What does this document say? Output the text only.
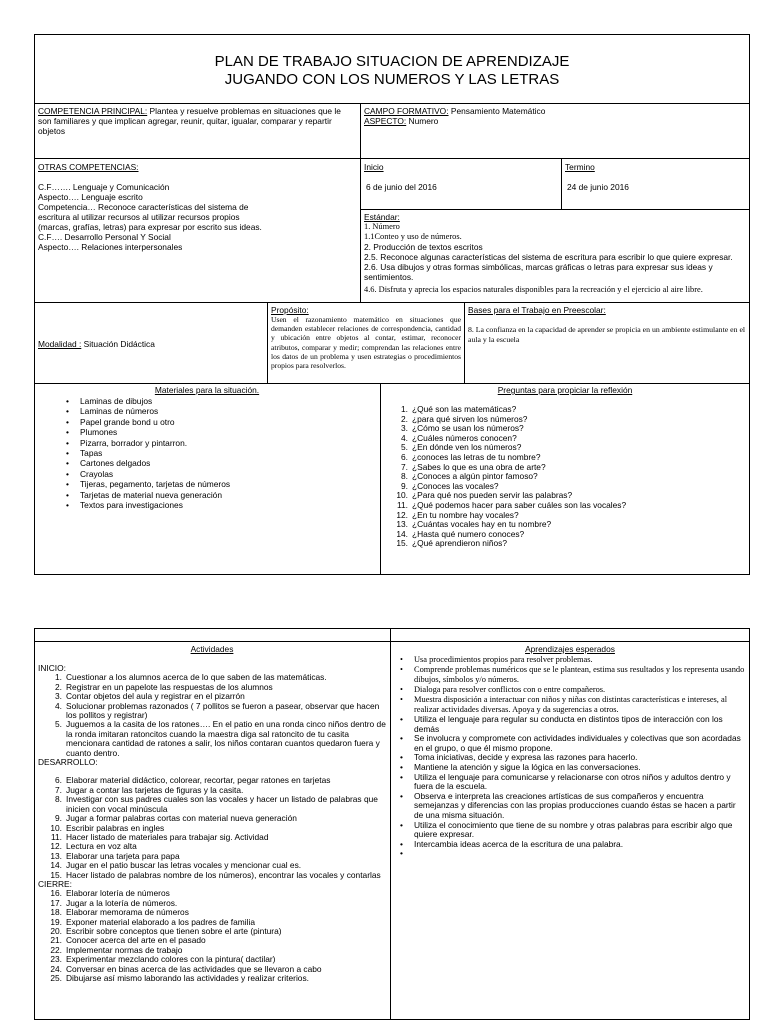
PLAN DE TRABAJO SITUACION DE APRENDIZAJE
JUGANDO CON LOS NUMEROS Y LAS LETRAS
COMPETENCIA PRINCIPAL: Plantea y resuelve problemas en situaciones que le son familiares y que implican agregar, reunir, quitar, igualar, comparar y repartir objetos
CAMPO FORMATIVO: Pensamiento Matemático
ASPECTO: Numero
OTRAS COMPETENCIAS:
C.F……. Lenguaje y Comunicación
Aspecto…. Lenguaje escrito
Competencia… Reconoce características del sistema de escritura al utilizar recursos al utilizar recursos propios (marcas, grafías, letras) para expresar por escrito sus ideas.
C.F…. Desarrollo Personal Y Social
Aspecto…. Relaciones interpersonales
Inicio
6 de junio del 2016
Termino
24 de junio 2016
Estándar:
1. Número
1.1Conteo y uso de números.
2. Producción de textos escritos
2.5. Reconoce algunas características del sistema de escritura para escribir lo que quiere expresar.
2.6. Usa dibujos y otras formas simbólicas, marcas gráficas o letras para expresar sus ideas y sentimientos.
4.6. Disfruta y aprecia los espacios naturales disponibles para la recreación y el ejercicio al aire libre.
Modalidad : Situación Didáctica
Propósito:
Usen el razonamiento matemático en situaciones que demanden establecer relaciones de correspondencia, cantidad y ubicación entre objetos al contar, estimar, reconocer atributos, comparar y medir; comprendan las relaciones entre los datos de un problema y usen estrategias o procedimientos propios para resolverlos.
Bases para el Trabajo en Preescolar:
8. La confianza en la capacidad de aprender se propicia en un ambiente estimulante en el aula y la escuela
Materiales para la situación.
• Laminas de dibujos
• Laminas de números
• Papel grande bond u otro
• Plumones
• Pizarra, borrador y pintarron.
• Tapas
• Cartones delgados
• Crayolas
• Tijeras, pegamento, tarjetas de números
• Tarjetas de material nueva generación
• Textos para investigaciones
Preguntas para propiciar la reflexión
1. ¿Qué son las matemáticas?
2. ¿para qué sirven los números?
3. ¿Cómo se usan los números?
4. ¿Cuáles números conocen?
5. ¿En dónde ven los números?
6. ¿conoces las letras de tu nombre?
7. ¿Sabes lo que es una obra de arte?
8. ¿Conoces a algún pintor famoso?
9. ¿Conoces las vocales?
10. ¿Para qué nos pueden servir las palabras?
11. ¿Qué podemos hacer para saber cuáles son las vocales?
12. ¿En tu nombre hay vocales?
13. ¿Cuántas vocales hay en tu nombre?
14. ¿Hasta qué numero conoces?
15. ¿Qué aprendieron niños?
Actividades
INICIO:
1. Cuestionar a los alumnos acerca de lo que saben de las matemáticas.
2. Registrar en un papelote las respuestas de los alumnos
3. Contar objetos del aula y registrar en el pizarrón
4. Solucionar problemas razonados ( 7 pollitos se fueron a pasear, observar que hacen los pollitos y registrar)
5. Juguemos a la casita de los ratones…. En el patio en una ronda cinco niños dentro de la ronda imitaran ratoncitos cuando la maestra diga sal ratoncito de tu casita mencionara cantidad de ratones a salir, los niños contaran cuantos quedaron fuera y cuanto dentro.
DESARROLLO:
6. Elaborar material didáctico, colorear, recortar, pegar ratones en tarjetas
7. Jugar a contar las tarjetas de figuras y la casita.
8. Investigar con sus padres cuales son las vocales y hacer un listado de palabras que inicien con vocal minúscula
9. Jugar a formar palabras cortas con material nueva generación
10. Escribir palabras en ingles
11. Hacer listado de materiales para trabajar sig. Actividad
12. Lectura en voz alta
13. Elaborar una tarjeta para papa
14. Jugar en el patio buscar las letras vocales y mencionar cual es.
15. Hacer listado de palabras nombre de los números), encontrar las vocales y contarlas
CIERRE:
16. Elaborar lotería de números
17. Jugar a la lotería de números.
18. Elaborar memorama de números
19. Exponer material elaborado a los padres de familia
20. Escribir sobre conceptos que tienen sobre el arte (pintura)
21. Conocer acerca del arte en el pasado
22. Implementar normas de trabajo
23. Experimentar mezclando colores con la pintura( dactilar)
24. Conversar en binas acerca de las actividades que se llevaron a cabo
25. Dibujarse así mismo laborando las actividades y realizar criterios.
Aprendizajes esperados
• Usa procedimientos propios para resolver problemas.
• Comprende problemas numéricos que se le plantean, estima sus resultados y los representa usando dibujos, símbolos y/o números.
• Dialoga para resolver conflictos con o entre compañeros.
• Muestra disposición a interactuar con niños y niñas con distintas características e intereses, al realizar actividades diversas. Apoya y da sugerencias a otros.
• Utiliza el lenguaje para regular su conducta en distintos tipos de interacción con los demás
• Se involucra y compromete con actividades individuales y colectivas que son acordadas en el grupo, o que él mismo propone.
• Toma iniciativas, decide y expresa las razones para hacerlo.
• Mantiene la atención y sigue la lógica en las conversaciones.
• Utiliza el lenguaje para comunicarse y relacionarse con otros niños y adultos dentro y fuera de la escuela.
• Observa e interpreta las creaciones artísticas de sus compañeros y encuentra semejanzas y diferencias con las propias producciones cuando éstas se hacen a partir de una misma situación.
• Utiliza el conocimiento que tiene de su nombre y otras palabras para escribir algo que quiere expresar.
• Intercambia ideas acerca de la escritura de una palabra.
•
